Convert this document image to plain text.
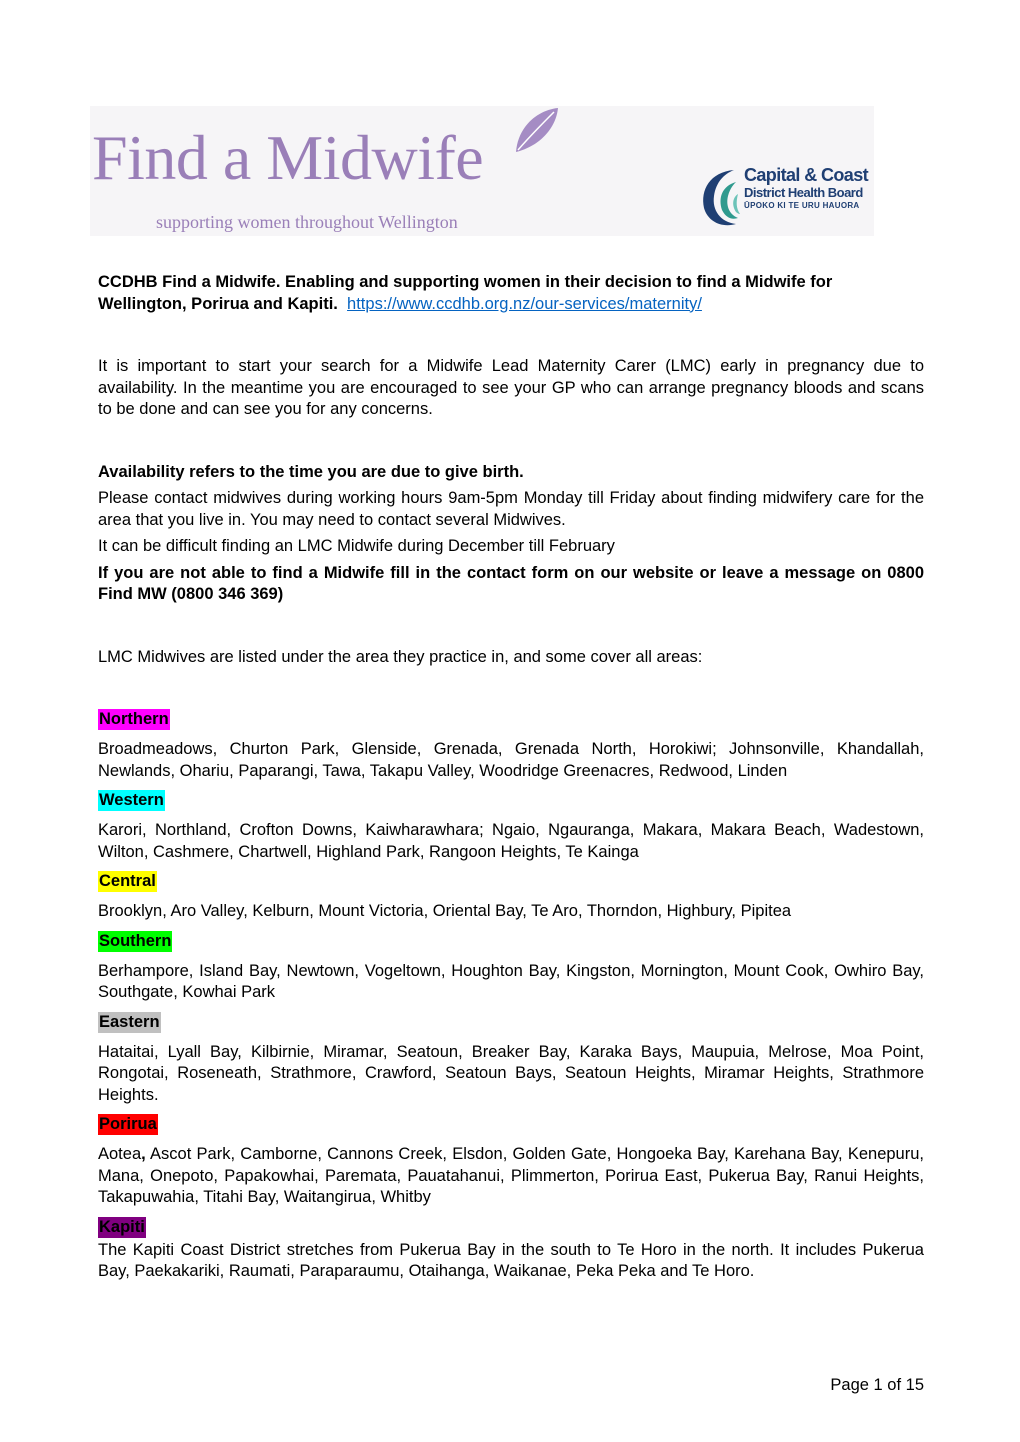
Find a Midwife
supporting women throughout Wellington
Capital & Coast
District Health Board
ŪPOKO KI TE URU HAUORA

CCDHB Find a Midwife. Enabling and supporting women in their decision to find a Midwife for Wellington, Porirua and Kapiti. https://www.ccdhb.org.nz/our-services/maternity/

It is important to start your search for a Midwife Lead Maternity Carer (LMC) early in pregnancy due to availability. In the meantime you are encouraged to see your GP who can arrange pregnancy bloods and scans to be done and can see you for any concerns.

Availability refers to the time you are due to give birth.

Please contact midwives during working hours 9am-5pm Monday till Friday about finding midwifery care for the area that you live in. You may need to contact several Midwives.

It can be difficult finding an LMC Midwife during December till February

If you are not able to find a Midwife fill in the contact form on our website or leave a message on 0800 Find MW (0800 346 369)

LMC Midwives are listed under the area they practice in, and some cover all areas:

Northern

Broadmeadows, Churton Park, Glenside, Grenada, Grenada North, Horokiwi; Johnsonville, Khandallah, Newlands, Ohariu, Paparangi, Tawa, Takapu Valley, Woodridge Greenacres, Redwood, Linden

Western

Karori, Northland, Crofton Downs, Kaiwharawhara; Ngaio, Ngauranga, Makara, Makara Beach, Wadestown, Wilton, Cashmere, Chartwell, Highland Park, Rangoon Heights, Te Kainga

Central

Brooklyn, Aro Valley, Kelburn, Mount Victoria, Oriental Bay, Te Aro, Thorndon, Highbury, Pipitea

Southern

Berhampore, Island Bay, Newtown, Vogeltown, Houghton Bay, Kingston, Mornington, Mount Cook, Owhiro Bay, Southgate, Kowhai Park

Eastern

Hataitai, Lyall Bay, Kilbirnie, Miramar, Seatoun, Breaker Bay, Karaka Bays, Maupuia, Melrose, Moa Point, Rongotai, Roseneath, Strathmore, Crawford, Seatoun Bays, Seatoun Heights, Miramar Heights, Strathmore Heights.

Porirua

Aotea, Ascot Park, Camborne, Cannons Creek, Elsdon, Golden Gate, Hongoeka Bay, Karehana Bay, Kenepuru, Mana, Onepoto, Papakowhai, Paremata, Pauatahanui, Plimmerton, Porirua East, Pukerua Bay, Ranui Heights, Takapuwahia, Titahi Bay, Waitangirua, Whitby

Kapiti

The Kapiti Coast District stretches from Pukerua Bay in the south to Te Horo in the north. It includes Pukerua Bay, Paekakariki, Raumati, Paraparaumu, Otaihanga, Waikanae, Peka Peka and Te Horo.

Page 1 of 15
